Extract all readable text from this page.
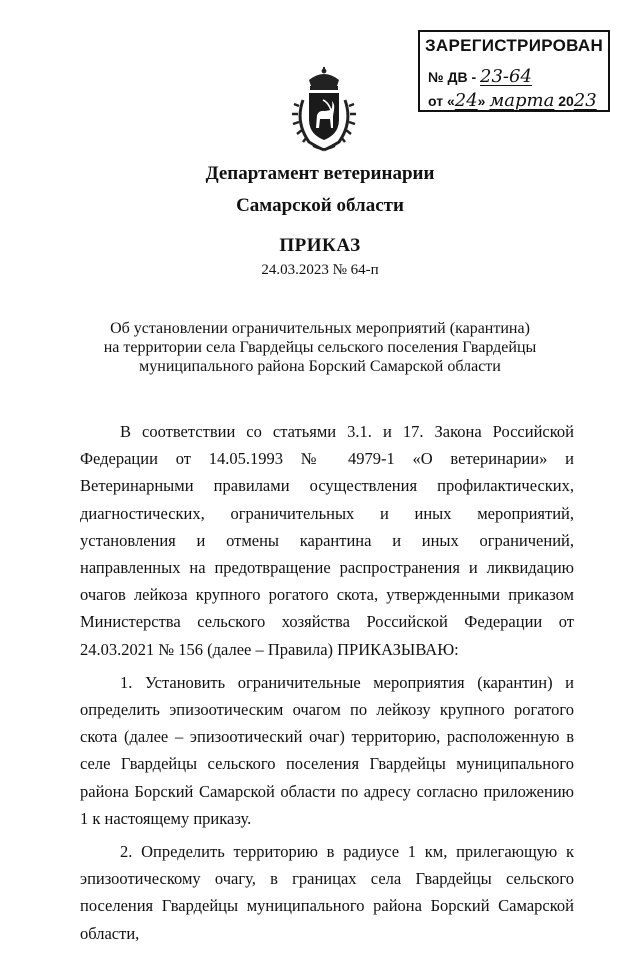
ЗАРЕГИСТРИРОВАН
№ ДВ - 23-64
от «24» марта 2023
Департамент ветеринарии
Самарской области
ПРИКАЗ
24.03.2023 № 64-п
Об установлении ограничительных мероприятий (карантина)
на территории села Гвардейцы сельского поселения Гвардейцы
муниципального района Борский Самарской области

В соответствии со статьями 3.1. и 17. Закона Российской Федерации от 14.05.1993 № 4979-1 «О ветеринарии» и Ветеринарными правилами осуществления профилактических, диагностических, ограничительных и иных мероприятий, установления и отмены карантина и иных ограничений, направленных на предотвращение распространения и ликвидацию очагов лейкоза крупного рогатого скота, утвержденными приказом Министерства сельского хозяйства Российской Федерации от 24.03.2021 № 156 (далее – Правила) ПРИКАЗЫВАЮ:

1. Установить ограничительные мероприятия (карантин) и определить эпизоотическим очагом по лейкозу крупного рогатого скота (далее – эпизоотический очаг) территорию, расположенную в селе Гвардейцы сельского поселения Гвардейцы муниципального района Борский Самарской области по адресу согласно приложению 1 к настоящему приказу.

2. Определить территорию в радиусе 1 км, прилегающую к эпизоотическому очагу, в границах села Гвардейцы сельского поселения Гвардейцы муниципального района Борский Самарской области,
